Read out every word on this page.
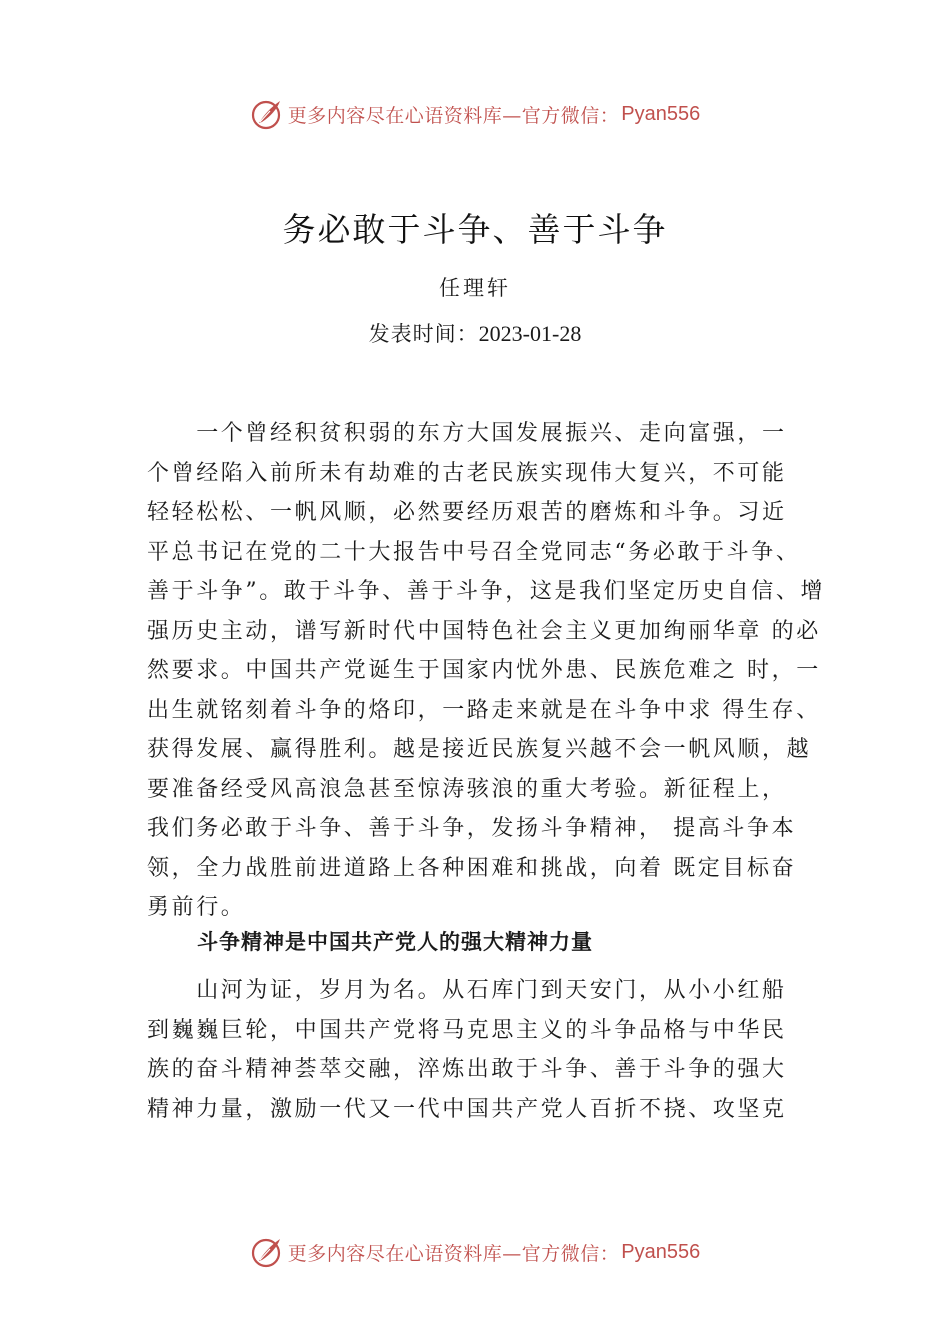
更多内容尽在心语资料库—官方微信： Pyan556
务必敢于斗争、善于斗争
任理轩
发表时间：2023-01-28
　　一个曾经积贫积弱的东方大国发展振兴、走向富强，一
个曾经陷入前所未有劫难的古老民族实现伟大复兴，不可能
轻轻松松、一帆风顺，必然要经历艰苦的磨炼和斗争。习近
平总书记在党的二十大报告中号召全党同志“务必敢于斗争、
善于斗争”。敢于斗争、善于斗争，这是我们坚定历史自信、增
强历史主动，谱写新时代中国特色社会主义更加绚丽华章 的必
然要求。中国共产党诞生于国家内忧外患、民族危难之 时，一
出生就铭刻着斗争的烙印，一路走来就是在斗争中求 得生存、
获得发展、赢得胜利。越是接近民族复兴越不会一帆风顺，越
要准备经受风高浪急甚至惊涛骇浪的重大考验。新征程上，
我们务必敢于斗争、善于斗争，发扬斗争精神， 提高斗争本
领，全力战胜前进道路上各种困难和挑战，向着 既定目标奋
勇前行。
斗争精神是中国共产党人的强大精神力量
　　山河为证，岁月为名。从石库门到天安门，从小小红船
到巍巍巨轮，中国共产党将马克思主义的斗争品格与中华民
族的奋斗精神荟萃交融，淬炼出敢于斗争、善于斗争的强大
精神力量，激励一代又一代中国共产党人百折不挠、攻坚克
更多内容尽在心语资料库—官方微信： Pyan556
